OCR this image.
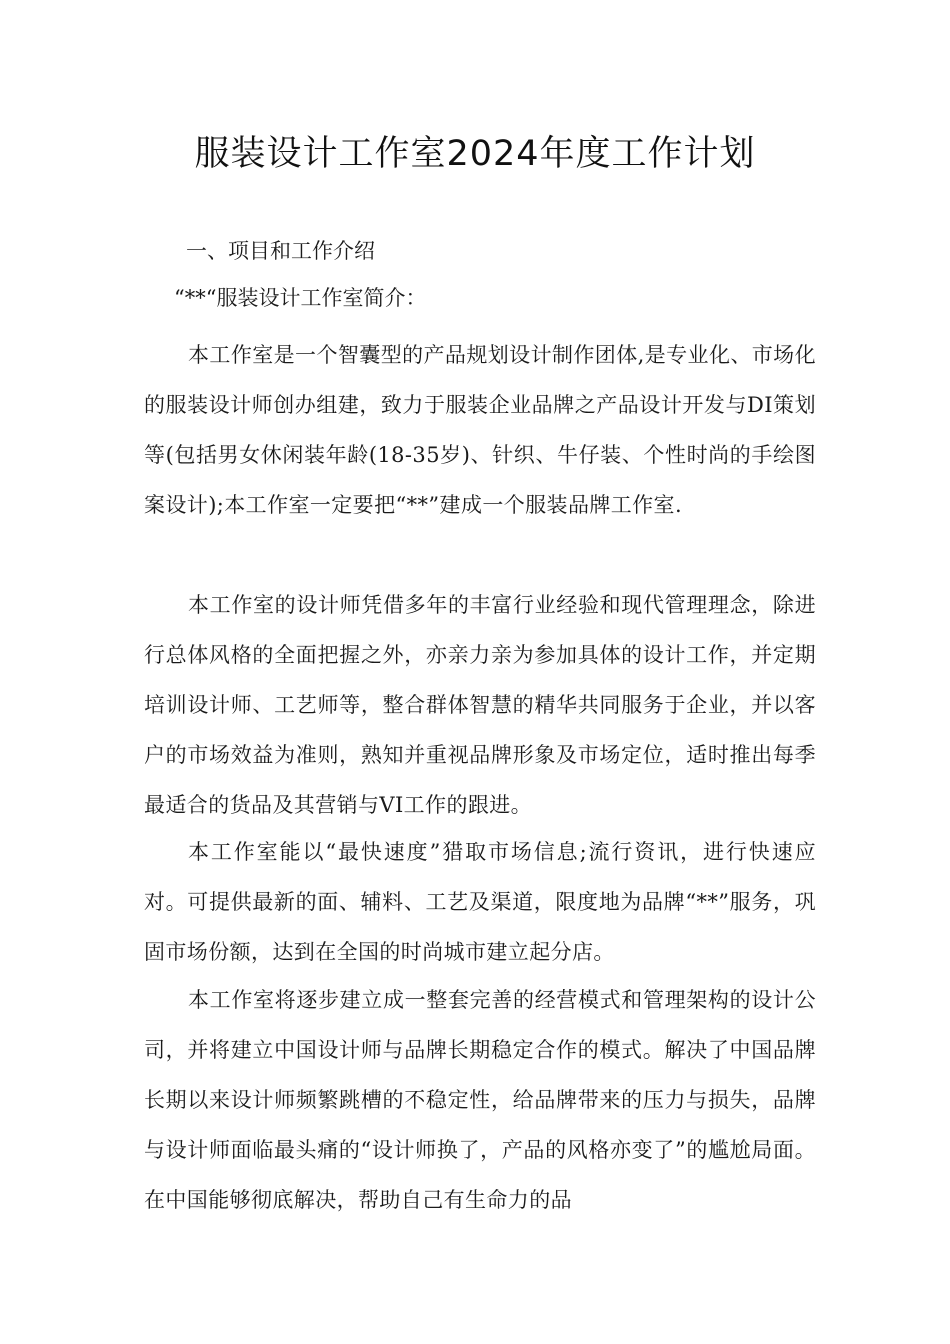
服装设计工作室2024年度工作计划
一、项目和工作介绍
“**“服装设计工作室简介：

本工作室是一个智囊型的产品规划设计制作团体,是专业化、市场化的服装设计师创办组建，致力于服装企业品牌之产品设计开发与DI策划等(包括男女休闲装年龄(18-35岁)、针织、牛仔装、个性时尚的手绘图案设计);本工作室一定要把“**”建成一个服装品牌工作室.

本工作室的设计师凭借多年的丰富行业经验和现代管理理念，除进行总体风格的全面把握之外，亦亲力亲为参加具体的设计工作，并定期培训设计师、工艺师等，整合群体智慧的精华共同服务于企业，并以客户的市场效益为准则，熟知并重视品牌形象及市场定位，适时推出每季最适合的货品及其营销与VI工作的跟进。

本工作室能以“最快速度”猎取市场信息;流行资讯，进行快速应对。可提供最新的面、辅料、工艺及渠道，限度地为品牌“**”服务，巩固市场份额，达到在全国的时尚城市建立起分店。

本工作室将逐步建立成一整套完善的经营模式和管理架构的设计公司，并将建立中国设计师与品牌长期稳定合作的模式。解决了中国品牌长期以来设计师频繁跳槽的不稳定性，给品牌带来的压力与损失，品牌与设计师面临最头痛的“设计师换了，产品的风格亦变了”的尴尬局面。在中国能够彻底解决，帮助自己有生命力的品
